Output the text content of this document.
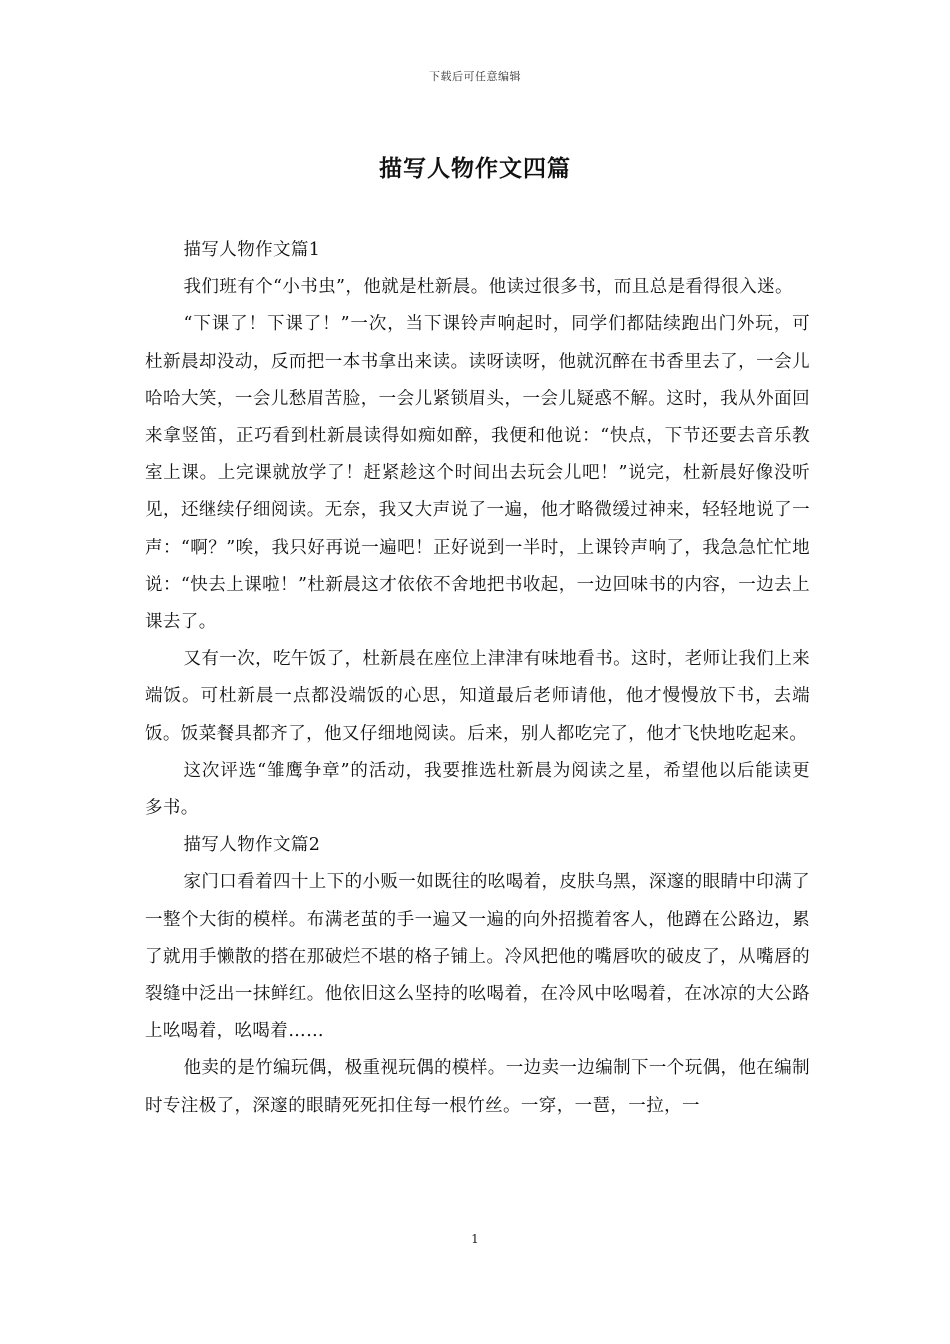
下载后可任意编辑
描写人物作文四篇

描写人物作文篇1

我们班有个“小书虫”，他就是杜新晨。他读过很多书，而且总是看得很入迷。

“下课了！下课了！”一次，当下课铃声响起时，同学们都陆续跑出门外玩，可杜新晨却没动，反而把一本书拿出来读。读呀读呀，他就沉醉在书香里去了，一会儿哈哈大笑，一会儿愁眉苦脸，一会儿紧锁眉头，一会儿疑惑不解。这时，我从外面回来拿竖笛，正巧看到杜新晨读得如痴如醉，我便和他说：“快点，下节还要去音乐教室上课。上完课就放学了！赶紧趁这个时间出去玩会儿吧！”说完，杜新晨好像没听见，还继续仔细阅读。无奈，我又大声说了一遍，他才略微缓过神来，轻轻地说了一声：“啊？”唉，我只好再说一遍吧！正好说到一半时，上课铃声响了，我急急忙忙地说：“快去上课啦！”杜新晨这才依依不舍地把书收起，一边回味书的内容，一边去上课去了。

又有一次，吃午饭了，杜新晨在座位上津津有味地看书。这时，老师让我们上来端饭。可杜新晨一点都没端饭的心思，知道最后老师请他，他才慢慢放下书，去端饭。饭菜餐具都齐了，他又仔细地阅读。后来，别人都吃完了，他才飞快地吃起来。

这次评选“雏鹰争章”的活动，我要推选杜新晨为阅读之星，希望他以后能读更多书。

描写人物作文篇2

家门口看着四十上下的小贩一如既往的吆喝着，皮肤乌黑，深邃的眼睛中印满了一整个大街的模样。布满老茧的手一遍又一遍的向外招揽着客人，他蹲在公路边，累了就用手懒散的搭在那破烂不堪的格子铺上。冷风把他的嘴唇吹的破皮了，从嘴唇的裂缝中泛出一抹鲜红。他依旧这么坚持的吆喝着，在冷风中吆喝着，在冰凉的大公路上吆喝着，吆喝着……

他卖的是竹编玩偶，极重视玩偶的模样。一边卖一边编制下一个玩偶，他在编制时专注极了，深邃的眼睛死死扣住每一根竹丝。一穿，一琶，一拉，一

1
